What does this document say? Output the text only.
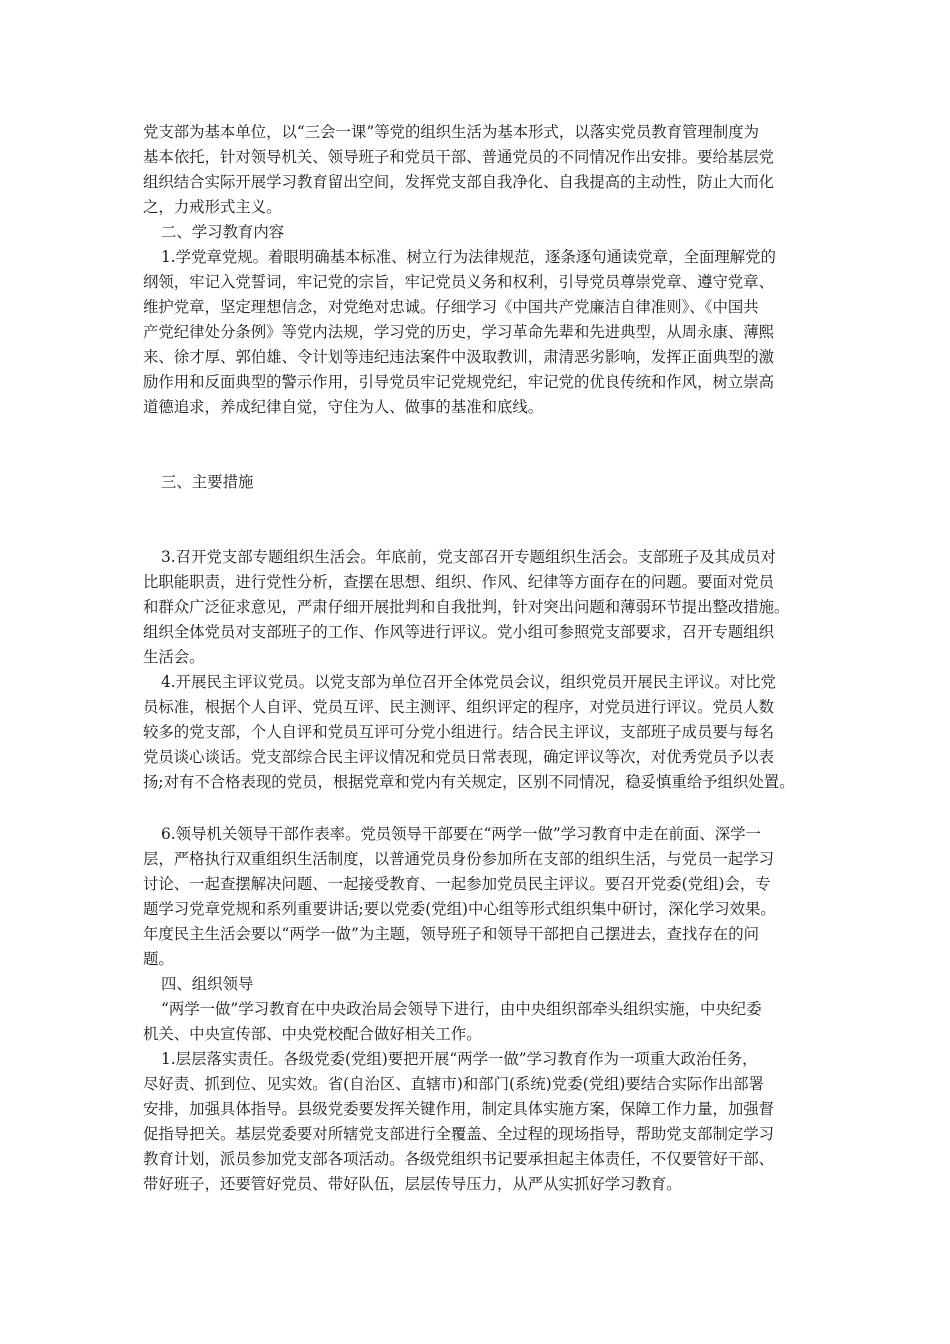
党支部为基本单位，以“三会一课”等党的组织生活为基本形式，以落实党员教育管理制度为
基本依托，针对领导机关、领导班子和党员干部、普通党员的不同情况作出安排。要给基层党
组织结合实际开展学习教育留出空间，发挥党支部自我净化、自我提高的主动性，防止大而化
之，力戒形式主义。
二、学习教育内容
1.学党章党规。着眼明确基本标准、树立行为法律规范，逐条逐句通读党章，全面理解党的
纲领，牢记入党誓词，牢记党的宗旨，牢记党员义务和权利，引导党员尊崇党章、遵守党章、
维护党章，坚定理想信念，对党绝对忠诚。仔细学习《中国共产党廉洁自律准则》、《中国共
产党纪律处分条例》等党内法规，学习党的历史，学习革命先辈和先进典型，从周永康、薄熙
来、徐才厚、郭伯雄、令计划等违纪违法案件中汲取教训，肃清恶劣影响，发挥正面典型的激
励作用和反面典型的警示作用，引导党员牢记党规党纪，牢记党的优良传统和作风，树立崇高
道德追求，养成纪律自觉，守住为人、做事的基准和底线。
三、主要措施
3.召开党支部专题组织生活会。年底前，党支部召开专题组织生活会。支部班子及其成员对
比职能职责，进行党性分析，查摆在思想、组织、作风、纪律等方面存在的问题。要面对党员
和群众广泛征求意见，严肃仔细开展批判和自我批判，针对突出问题和薄弱环节提出整改措施。
组织全体党员对支部班子的工作、作风等进行评议。党小组可参照党支部要求，召开专题组织
生活会。
4.开展民主评议党员。以党支部为单位召开全体党员会议，组织党员开展民主评议。对比党
员标准，根据个人自评、党员互评、民主测评、组织评定的程序，对党员进行评议。党员人数
较多的党支部，个人自评和党员互评可分党小组进行。结合民主评议，支部班子成员要与每名
党员谈心谈话。党支部综合民主评议情况和党员日常表现，确定评议等次，对优秀党员予以表
扬;对有不合格表现的党员，根据党章和党内有关规定，区别不同情况，稳妥慎重给予组织处置。
6.领导机关领导干部作表率。党员领导干部要在“两学一做”学习教育中走在前面、深学一
层，严格执行双重组织生活制度，以普通党员身份参加所在支部的组织生活，与党员一起学习
讨论、一起查摆解决问题、一起接受教育、一起参加党员民主评议。要召开党委(党组)会，专
题学习党章党规和系列重要讲话;要以党委(党组)中心组等形式组织集中研讨，深化学习效果。
年度民主生活会要以“两学一做”为主题，领导班子和领导干部把自己摆进去，查找存在的问
题。
四、组织领导
“两学一做”学习教育在中央政治局会领导下进行，由中央组织部牵头组织实施，中央纪委
机关、中央宣传部、中央党校配合做好相关工作。
1.层层落实责任。各级党委(党组)要把开展“两学一做”学习教育作为一项重大政治任务，
尽好责、抓到位、见实效。省(自治区、直辖市)和部门(系统)党委(党组)要结合实际作出部署
安排，加强具体指导。县级党委要发挥关键作用，制定具体实施方案，保障工作力量，加强督
促指导把关。基层党委要对所辖党支部进行全覆盖、全过程的现场指导，帮助党支部制定学习
教育计划，派员参加党支部各项活动。各级党组织书记要承担起主体责任，不仅要管好干部、
带好班子，还要管好党员、带好队伍，层层传导压力，从严从实抓好学习教育。
